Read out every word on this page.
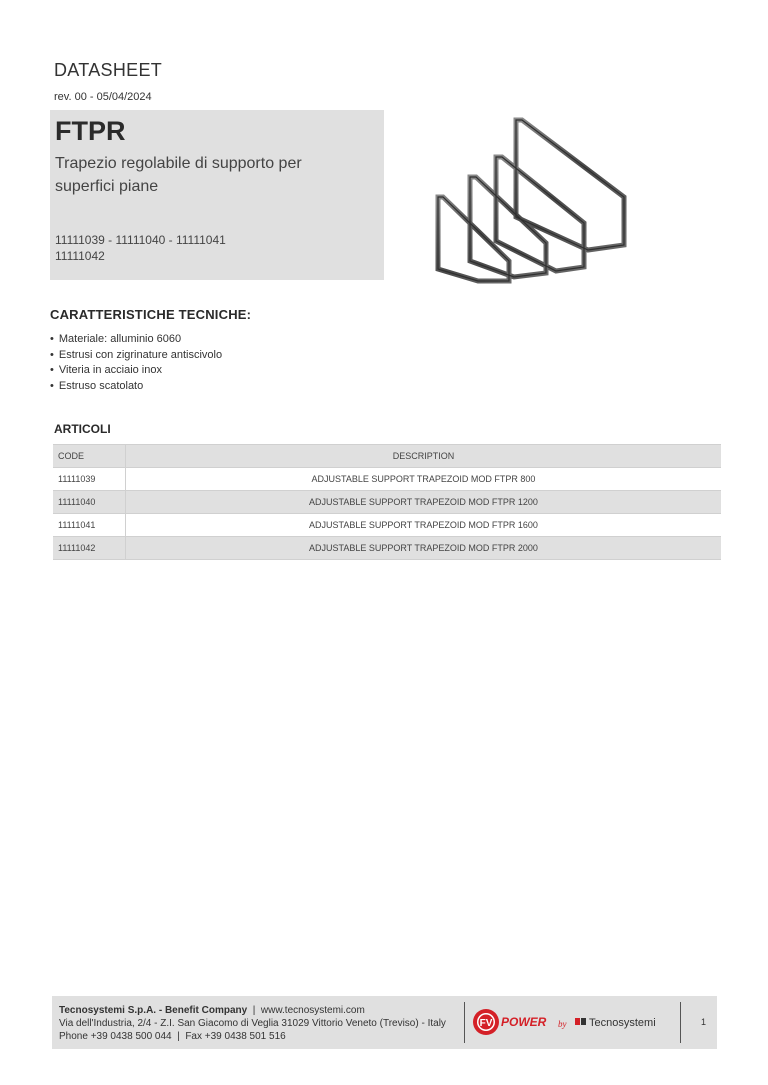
DATASHEET
rev. 00 - 05/04/2024
FTPR
Trapezio regolabile di supporto per superfici piane
11111039 - 11111040 - 11111041
11111042
CARATTERISTICHE TECNICHE:
• Materiale: alluminio 6060
• Estrusi con zigrinature antiscivolo
• Viteria in acciaio inox
• Estruso scatolato
ARTICOLI
CODE	DESCRIPTION
11111039	ADJUSTABLE SUPPORT TRAPEZOID MOD FTPR 800
11111040	ADJUSTABLE SUPPORT TRAPEZOID MOD FTPR 1200
11111041	ADJUSTABLE SUPPORT TRAPEZOID MOD FTPR 1600
11111042	ADJUSTABLE SUPPORT TRAPEZOID MOD FTPR 2000
Tecnosystemi S.p.A. - Benefit Company  |  www.tecnosystemi.com
Via dell'Industria, 2/4 - Z.I. San Giacomo di Veglia 31029 Vittorio Veneto (Treviso) - Italy
Phone +39 0438 500 044  |  Fax +39 0438 501 516
FV POWER by Tecnosystemi	1
